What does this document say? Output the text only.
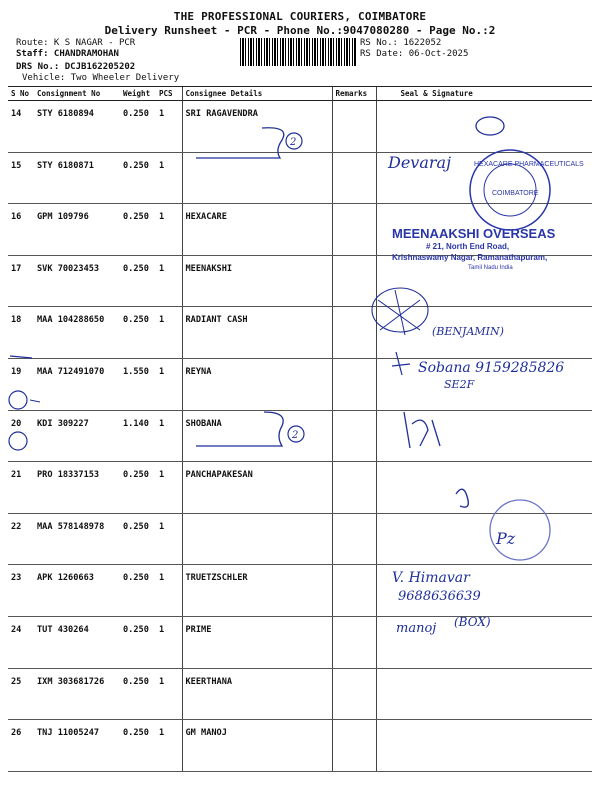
THE PROFESSIONAL COURIERS, COIMBATORE
Delivery Runsheet - PCR - Phone No.:9047080280 - Page No.:2
Route: K S NAGAR - PCR
Staff: CHANDRAMOHAN
DRS No.: DCJB162205202
Vehicle: Two Wheeler Delivery
RS No.: 1622052
RS Date: 06-Oct-2025
S No	Consignment No	Weight	PCS	Consignee Details	Remarks	Seal & Signature
14	STY 6180894	0.250	1	SRI RAGAVENDRA		
15	STY 6180871	0.250	1			
16	GPM 109796	0.250	1	HEXACARE		
17	SVK 70023453	0.250	1	MEENAKSHI		
18	MAA 104288650	0.250	1	RADIANT CASH		
19	MAA 712491070	1.550	1	REYNA		
20	KDI 309227	1.140	1	SHOBANA		
21	PRO 18337153	0.250	1	PANCHAPAKESAN		
22	MAA 578148978	0.250	1			
23	APK 1260663	0.250	1	TRUETZSCHLER		
24	TUT 430264	0.250	1	PRIME		
25	IXM 303681726	0.250	1	KEERTHANA		
26	TNJ 11005247	0.250	1	GM MANOJ		
2
Devaraj	HEXACARE PHARMACEUTICALS
COIMBATORE
MEENAAKSHI OVERSEAS
# 21, North End Road,
Krishnaswamy Nagar, Ramanathapuram,
Tamil Nadu India
(BENJAMIN)
Sobana 9159285826
SE2F
2
Pz
V. Himavar
9688636639
manoj (BOX)
